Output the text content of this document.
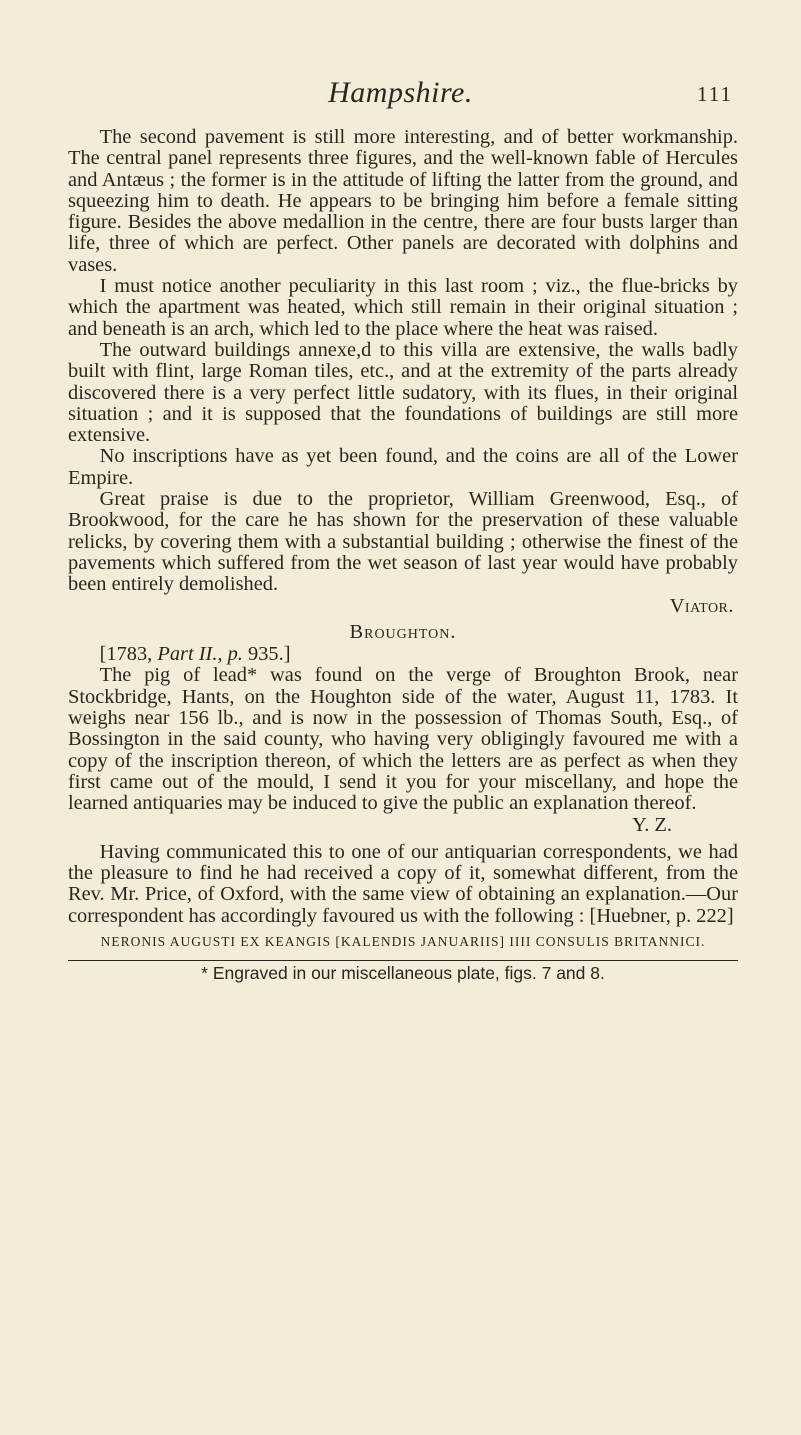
Hampshire.	111

The second pavement is still more interesting, and of better workmanship. The central panel represents three figures, and the well-known fable of Hercules and Antæus ; the former is in the attitude of lifting the latter from the ground, and squeezing him to death. He appears to be bringing him before a female sitting figure. Besides the above medallion in the centre, there are four busts larger than life, three of which are perfect. Other panels are decorated with dolphins and vases.

I must notice another peculiarity in this last room ; viz., the flue-bricks by which the apartment was heated, which still remain in their original situation ; and beneath is an arch, which led to the place where the heat was raised.

The outward buildings annexe,d to this villa are extensive, the walls badly built with flint, large Roman tiles, etc., and at the extremity of the parts already discovered there is a very perfect little sudatory, with its flues, in their original situation ; and it is supposed that the foundations of buildings are still more extensive.

No inscriptions have as yet been found, and the coins are all of the Lower Empire.

Great praise is due to the proprietor, William Greenwood, Esq., of Brookwood, for the care he has shown for the preservation of these valuable relicks, by covering them with a substantial building ; otherwise the finest of the pavements which suffered from the wet season of last year would have probably been entirely demolished.

Viator.
Broughton.

[1783, Part II., p. 935.]

The pig of lead* was found on the verge of Broughton Brook, near Stockbridge, Hants, on the Houghton side of the water, August 11, 1783. It weighs near 156 lb., and is now in the possession of Thomas South, Esq., of Bossington in the said county, who having very obligingly favoured me with a copy of the inscription thereon, of which the letters are as perfect as when they first came out of the mould, I send it you for your miscellany, and hope the learned antiquaries may be induced to give the public an explanation thereof.

Y. Z.

Having communicated this to one of our antiquarian correspondents, we had the pleasure to find he had received a copy of it, somewhat different, from the Rev. Mr. Price, of Oxford, with the same view of obtaining an explanation.—Our correspondent has accordingly favoured us with the following : [Huebner, p. 222]

NERONIS AUGUSTI EX KEANGIS [KALENDIS JANUARIIS] IIII CONSULIS BRITANNICI.
* Engraved in our miscellaneous plate, figs. 7 and 8.
